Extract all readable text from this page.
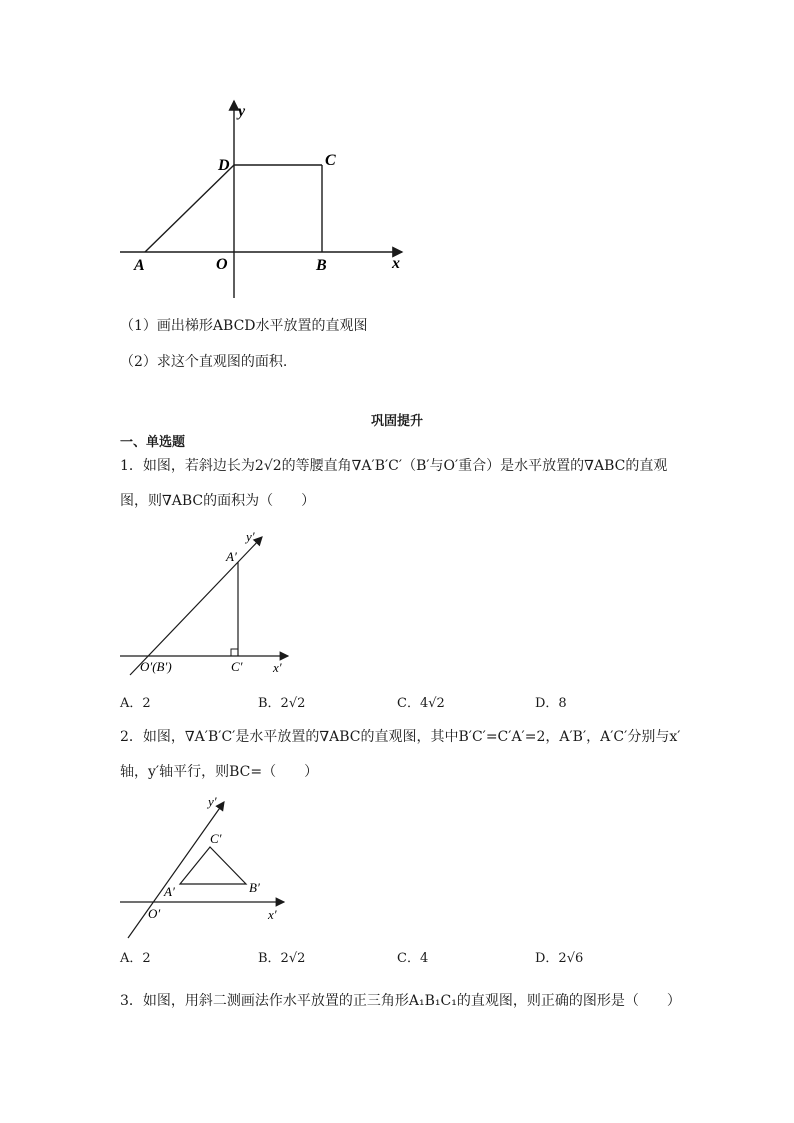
y
x
A	O	B
C
D
（1）画出梯形ABCD水平放置的直观图
（2）求这个直观图的面积.
巩固提升
一、单选题
1．如图，若斜边长为2√2的等腰直角∇A′B′C′（B′与O′重合）是水平放置的∇ABC的直观
图，则∇ABC的面积为（　　）
y′
A′
O′(B′)	C′ x′
A．2	B．2√2	C．4√2	D．8
2．如图，∇A′B′C′是水平放置的∇ABC的直观图，其中B′C′=C′A′=2，A′B′，A′C′分别与x′
轴，y′轴平行，则BC=（　　）
y′
C′
A′	B′
O′	x′
A．2	B．2√2	C．4	D．2√6
3．如图，用斜二测画法作水平放置的正三角形A₁B₁C₁的直观图，则正确的图形是（　　）
